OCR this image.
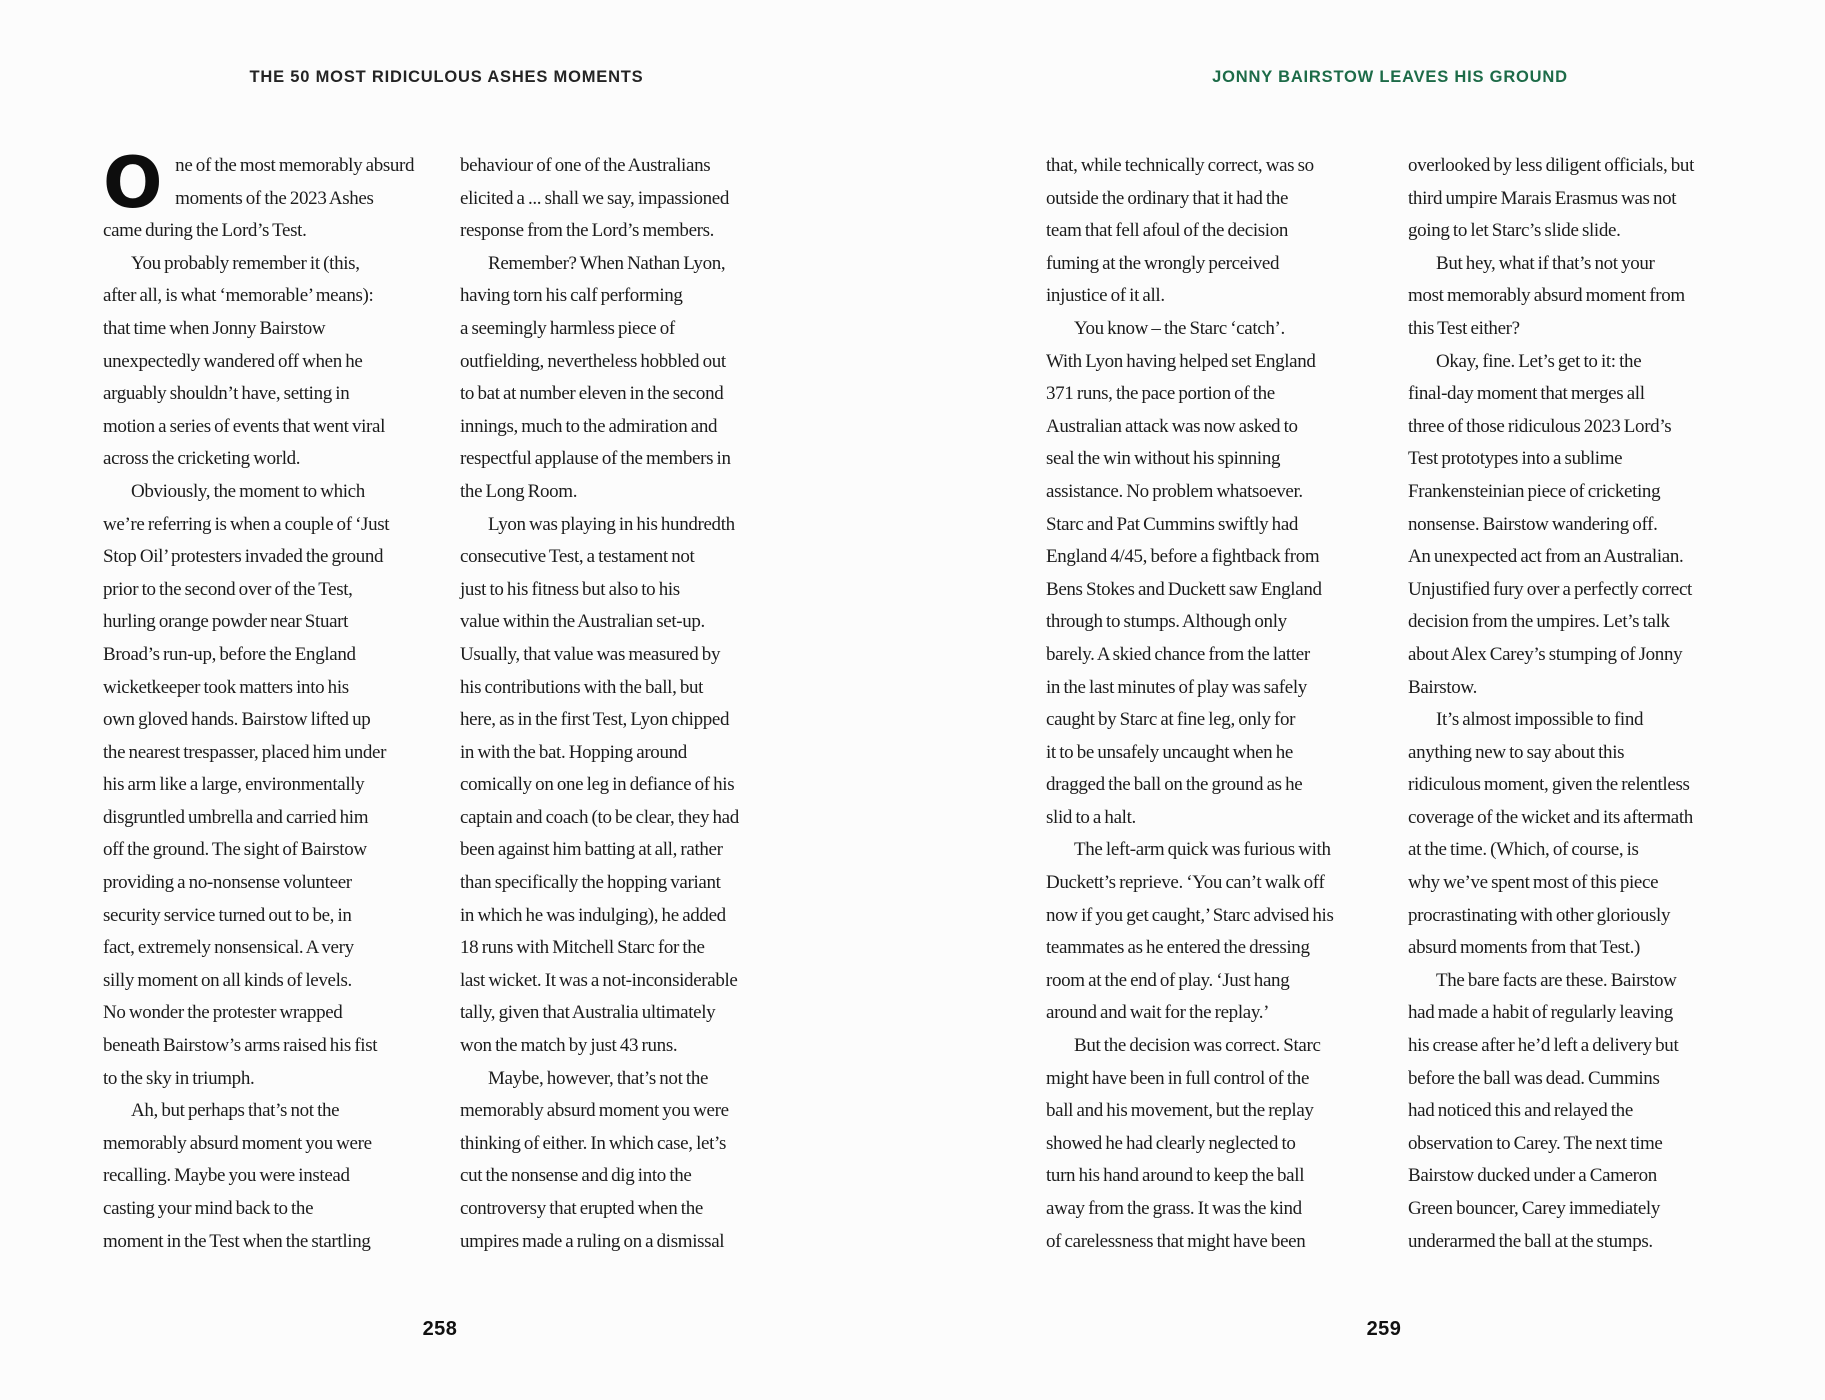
THE 50 MOST RIDICULOUS ASHES MOMENTS	JONNY BAIRSTOW LEAVES HIS GROUND
O ne of the most memorably absurd
moments of the 2023 Ashes
came during the Lord’s Test.
You probably remember it (this,
after all, is what ‘memorable’ means):
that time when Jonny Bairstow
unexpectedly wandered off when he
arguably shouldn’t have, setting in
motion a series of events that went viral
across the cricketing world.
Obviously, the moment to which
we’re referring is when a couple of ‘Just
Stop Oil’ protesters invaded the ground
prior to the second over of the Test,
hurling orange powder near Stuart
Broad’s run-up, before the England
wicketkeeper took matters into his
own gloved hands. Bairstow lifted up
the nearest trespasser, placed him under
his arm like a large, environmentally
disgruntled umbrella and carried him
off the ground. The sight of Bairstow
providing a no-nonsense volunteer
security service turned out to be, in
fact, extremely nonsensical. A very
silly moment on all kinds of levels.
No wonder the protester wrapped
beneath Bairstow’s arms raised his fist
to the sky in triumph.
Ah, but perhaps that’s not the
memorably absurd moment you were
recalling. Maybe you were instead
casting your mind back to the
moment in the Test when the startling
behaviour of one of the Australians
elicited a ... shall we say, impassioned
response from the Lord’s members.
Remember? When Nathan Lyon,
having torn his calf performing
a seemingly harmless piece of
outfielding, nevertheless hobbled out
to bat at number eleven in the second
innings, much to the admiration and
respectful applause of the members in
the Long Room.
Lyon was playing in his hundredth
consecutive Test, a testament not
just to his fitness but also to his
value within the Australian set-up.
Usually, that value was measured by
his contributions with the ball, but
here, as in the first Test, Lyon chipped
in with the bat. Hopping around
comically on one leg in defiance of his
captain and coach (to be clear, they had
been against him batting at all, rather
than specifically the hopping variant
in which he was indulging), he added
18 runs with Mitchell Starc for the
last wicket. It was a not-inconsiderable
tally, given that Australia ultimately
won the match by just 43 runs.
Maybe, however, that’s not the
memorably absurd moment you were
thinking of either. In which case, let’s
cut the nonsense and dig into the
controversy that erupted when the
umpires made a ruling on a dismissal
that, while technically correct, was so
outside the ordinary that it had the
team that fell afoul of the decision
fuming at the wrongly perceived
injustice of it all.
You know – the Starc ‘catch’.
With Lyon having helped set England
371 runs, the pace portion of the
Australian attack was now asked to
seal the win without his spinning
assistance. No problem whatsoever.
Starc and Pat Cummins swiftly had
England 4/45, before a fightback from
Bens Stokes and Duckett saw England
through to stumps. Although only
barely. A skied chance from the latter
in the last minutes of play was safely
caught by Starc at fine leg, only for
it to be unsafely uncaught when he
dragged the ball on the ground as he
slid to a halt.
The left-arm quick was furious with
Duckett’s reprieve. ‘You can’t walk off
now if you get caught,’ Starc advised his
teammates as he entered the dressing
room at the end of play. ‘Just hang
around and wait for the replay.’
But the decision was correct. Starc
might have been in full control of the
ball and his movement, but the replay
showed he had clearly neglected to
turn his hand around to keep the ball
away from the grass. It was the kind
of carelessness that might have been
overlooked by less diligent officials, but
third umpire Marais Erasmus was not
going to let Starc’s slide slide.
But hey, what if that’s not your
most memorably absurd moment from
this Test either?
Okay, fine. Let’s get to it: the
final-day moment that merges all
three of those ridiculous 2023 Lord’s
Test prototypes into a sublime
Frankensteinian piece of cricketing
nonsense. Bairstow wandering off.
An unexpected act from an Australian.
Unjustified fury over a perfectly correct
decision from the umpires. Let’s talk
about Alex Carey’s stumping of Jonny
Bairstow.
It’s almost impossible to find
anything new to say about this
ridiculous moment, given the relentless
coverage of the wicket and its aftermath
at the time. (Which, of course, is
why we’ve spent most of this piece
procrastinating with other gloriously
absurd moments from that Test.)
The bare facts are these. Bairstow
had made a habit of regularly leaving
his crease after he’d left a delivery but
before the ball was dead. Cummins
had noticed this and relayed the
observation to Carey. The next time
Bairstow ducked under a Cameron
Green bouncer, Carey immediately
underarmed the ball at the stumps.
258	259
